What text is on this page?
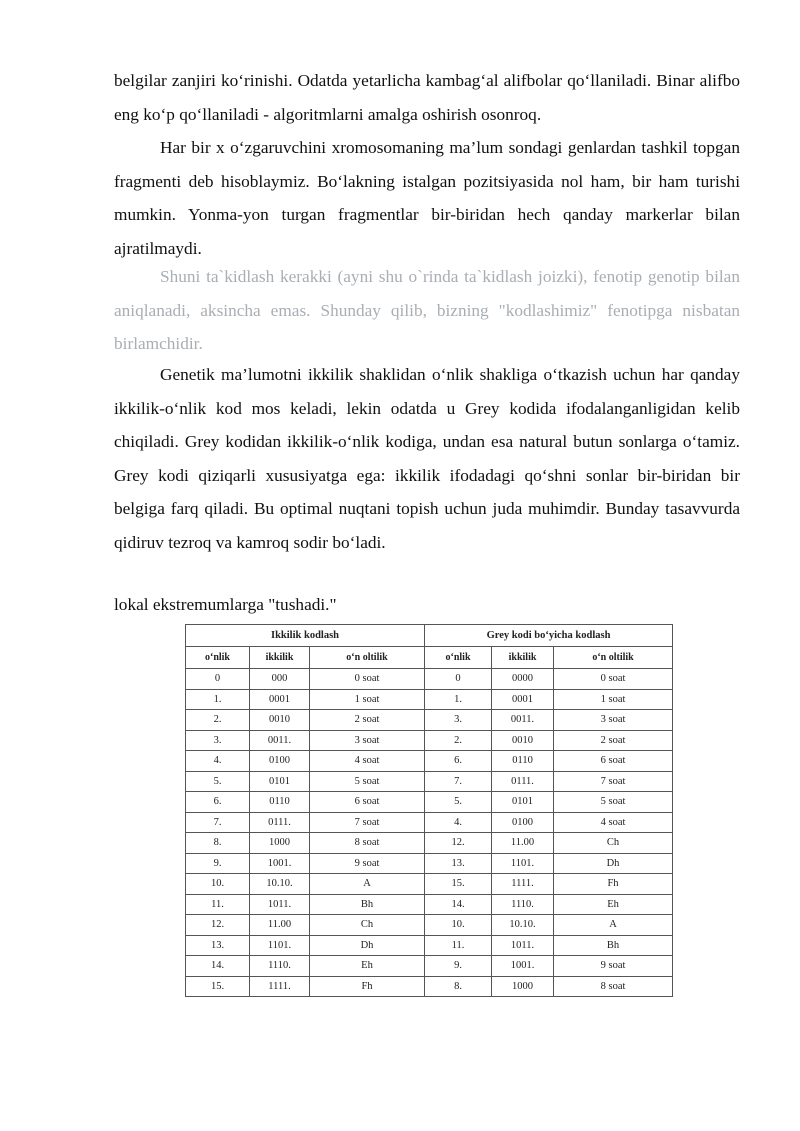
belgilar zanjiri ko‘rinishi. Odatda yetarlicha kambag‘al alifbolar qo‘llaniladi. Binar alifbo eng ko‘p qo‘llaniladi - algoritmlarni amalga oshirish osonroq.

Har bir x o‘zgaruvchini xromosomaning ma’lum sondagi genlardan tashkil topgan fragmenti deb hisoblaymiz. Bo‘lakning istalgan pozitsiyasida nol ham, bir ham turishi mumkin. Yonma-yon turgan fragmentlar bir-biridan hech qanday markerlar bilan ajratilmaydi.

Shuni ta`kidlash kerakki (ayni shu o`rinda ta`kidlash joizki), fenotip genotip bilan aniqlanadi, aksincha emas. Shunday qilib, bizning "kodlashimiz" fenotipga nisbatan birlamchidir.

Genetik ma’lumotni ikkilik shaklidan o‘nlik shakliga o‘tkazish uchun har qanday ikkilik-o‘nlik kod mos keladi, lekin odatda u Grey kodida ifodalanganligidan kelib chiqiladi. Grey kodidan ikkilik-o‘nlik kodiga, undan esa natural butun sonlarga o‘tamiz. Grey kodi qiziqarli xususiyatga ega: ikkilik ifodadagi qo‘shni sonlar bir-biridan bir belgiga farq qiladi. Bu optimal nuqtani topish uchun juda muhimdir. Bunday tasavvurda qidiruv tezroq va kamroq sodir bo‘ladi.

lokal ekstremumlarga "tushadi."

Ikkilik kodlash			Grey kodi bo‘yicha kodlash		
o‘nlik	ikkilik	o‘n oltilik	o‘nlik	ikkilik	o‘n oltilik
0	000	0 soat	0	0000	0 soat
1.	0001	1 soat	1.	0001	1 soat
2.	0010	2 soat	3.	0011.	3 soat
3.	0011.	3 soat	2.	0010	2 soat
4.	0100	4 soat	6.	0110	6 soat
5.	0101	5 soat	7.	0111.	7 soat
6.	0110	6 soat	5.	0101	5 soat
7.	0111.	7 soat	4.	0100	4 soat
8.	1000	8 soat	12.	11.00	Ch
9.	1001.	9 soat	13.	1101.	Dh
10.	10.10.	A	15.	1111.	Fh
11.	1011.	Bh	14.	1110.	Eh
12.	11.00	Ch	10.	10.10.	A
13.	1101.	Dh	11.	1011.	Bh
14.	1110.	Eh	9.	1001.	9 soat
15.	1111.	Fh	8.	1000	8 soat
